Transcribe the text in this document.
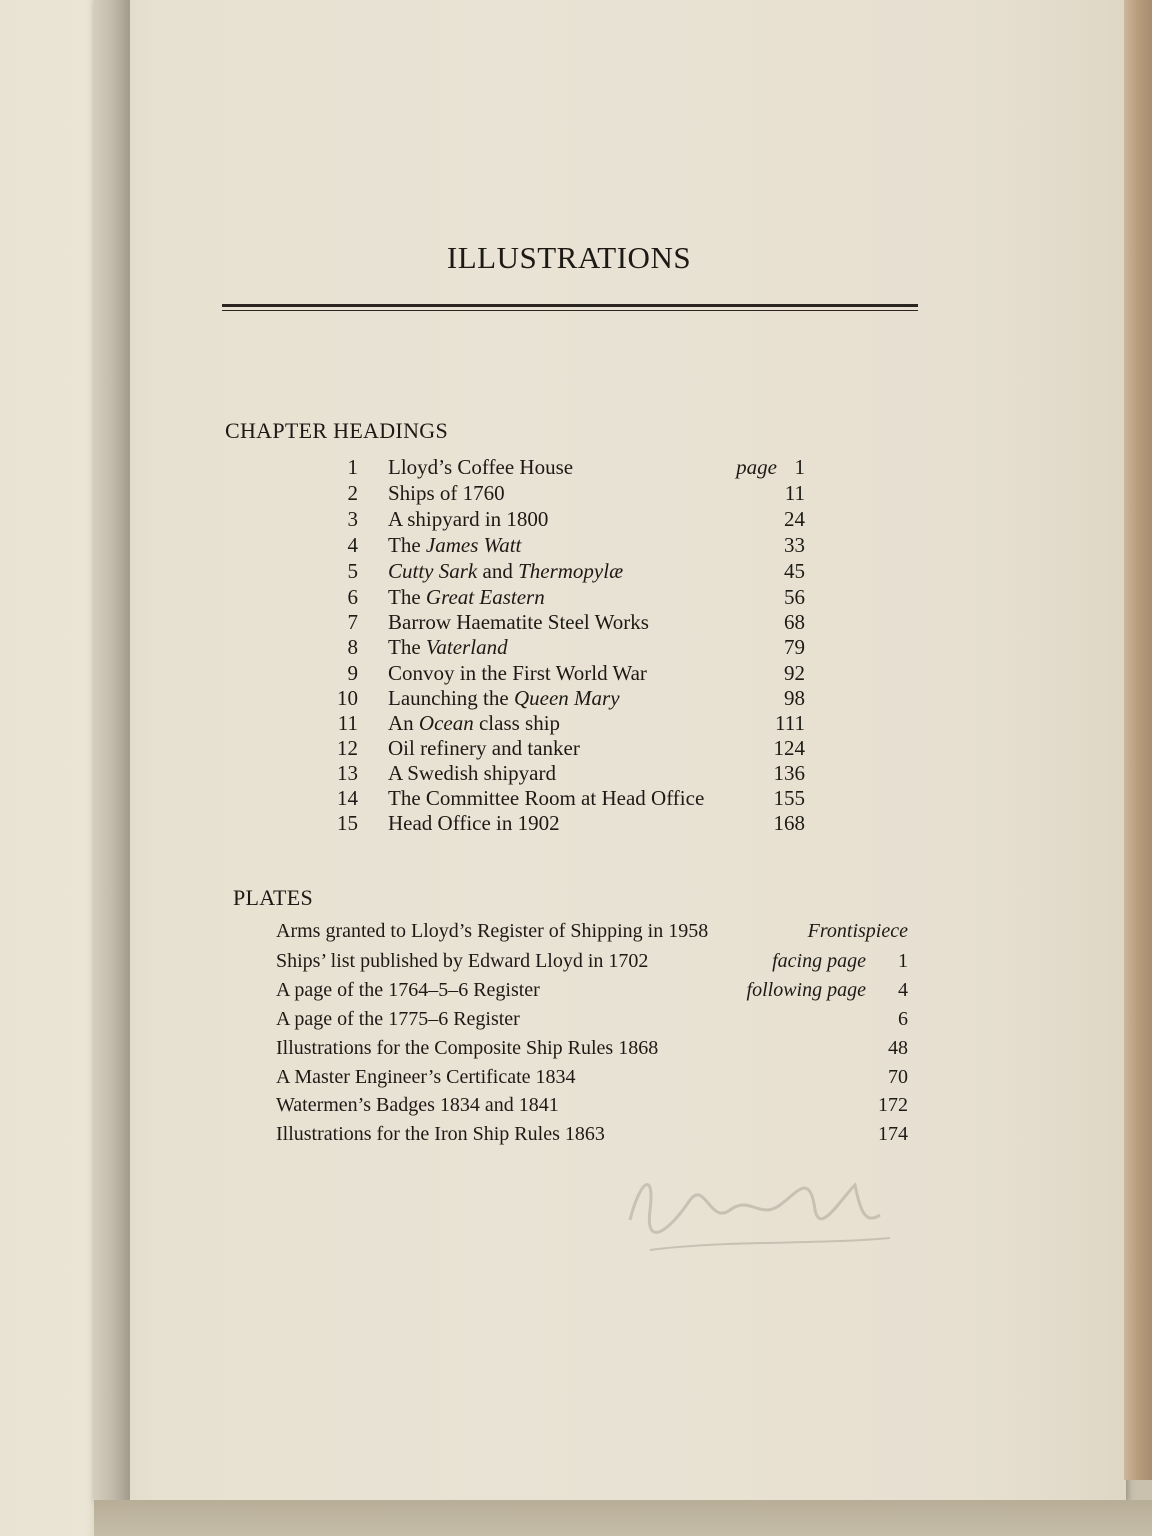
ILLUSTRATIONS
CHAPTER HEADINGS
1 Lloyd’s Coffee House	page 1
2 Ships of 1760	11
3 A shipyard in 1800	24
4 The James Watt	33
5 Cutty Sark and Thermopylæ	45
6 The Great Eastern	56
7 Barrow Haematite Steel Works	68
8 The Vaterland	79
9 Convoy in the First World War	92
10 Launching the Queen Mary	98
11 An Ocean class ship	111
12 Oil refinery and tanker	124
13 A Swedish shipyard	136
14 The Committee Room at Head Office	155
15 Head Office in 1902	168
PLATES
Arms granted to Lloyd’s Register of Shipping in 1958	Frontispiece
Ships’ list published by Edward Lloyd in 1702	facing page 1
A page of the 1764–5–6 Register	following page 4
A page of the 1775–6 Register	6
Illustrations for the Composite Ship Rules 1868	48
A Master Engineer’s Certificate 1834	70
Watermen’s Badges 1834 and 1841	172
Illustrations for the Iron Ship Rules 1863	174
